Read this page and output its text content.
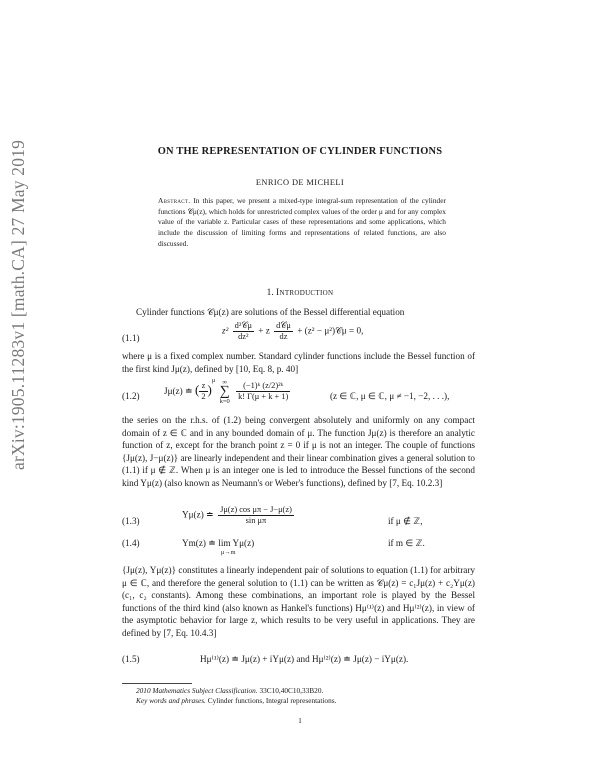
arXiv:1905.11283v1 [math.CA] 27 May 2019	ON THE REPRESENTATION OF CYLINDER FUNCTIONS
ENRICO DE MICHELI
Abstract. In this paper, we present a mixed-type integral-sum representation of the cylinder functions 𝒞μ(z), which holds for unrestricted complex values of the order μ and for any complex value of the variable z. Particular cases of these representations and some applications, which include the discussion of limiting forms and representations of related functions, are also discussed.
1. Introduction
Cylinder functions 𝒞μ(z) are solutions of the Bessel differential equation
(1.1)
$z^2 \frac{\text{d²𝒞μ}}{\text{dz²}} + z \frac{\text{d𝒞μ}}{dz} + (z^2$ − μ²)𝒞μ = 0,
where μ is a fixed complex number. Standard cylinder functions include the Bessel function of the first kind Jμ(z), defined by [10, Eq. 8, p. 40]
(1.2)	Jμ(z) ≐ ( $\frac{z}{2} )^\mu$	∞
∑
k=0
$\frac{\text{(−1)ᵏ (z/2)²ᵏ}}{k! \Gamma(\mu + k + 1)}$	(z ∈ ℂ, μ ∈ ℂ, μ ≠ −1, −2, . . .),
the series on the r.h.s. of (1.2) being convergent absolutely and uniformly on any compact domain of z ∈ ℂ and in any bounded domain of μ. The function Jμ(z) is therefore an analytic function of z, except for the branch point z = 0 if μ is not an integer. The couple of functions {Jμ(z), J−μ(z)} are linearly independent and their linear combination gives a general solution to (1.1) if μ ∉ ℤ. When μ is an integer one is led to introduce the Bessel functions of the second kind Yμ(z) (also known as Neumann's or Weber's functions), defined by [7, Eq. 10.2.3]
(1.3)
Yμ(z) ≐ $\frac{\text{Jμ(z) cos μπ − J−μ(z)}}{\text{sin μπ}}$	if μ ∉ ℤ,
(1.4)	Ym(z) ≐ lim Yμ(z)
μ→m
if m ∈ ℤ.
{Jμ(z), Yμ(z)} constitutes a linearly independent pair of solutions to equation (1.1) for arbitrary μ ∈ ℂ, and therefore the general solution to (1.1) can be written as 𝒞μ(z) = c₁Jμ(z) + c₂Yμ(z) (c₁, c₂ constants). Among these combinations, an important role is played by the Bessel functions of the third kind (also known as Hankel's functions) Hμ⁽¹⁾(z) and Hμ⁽²⁾(z), in view of the asymptotic behavior for large z, which results to be very useful in applications. They are defined by [7, Eq. 10.4.3]
(1.5)	Hμ⁽¹⁾(z) ≐ Jμ(z) + iYμ(z) and Hμ⁽²⁾(z) ≐ Jμ(z) − iYμ(z).
2010 Mathematics Subject Classification. 33C10,40C10,33B20.
Key words and phrases. Cylinder functions, Integral representations.
1
